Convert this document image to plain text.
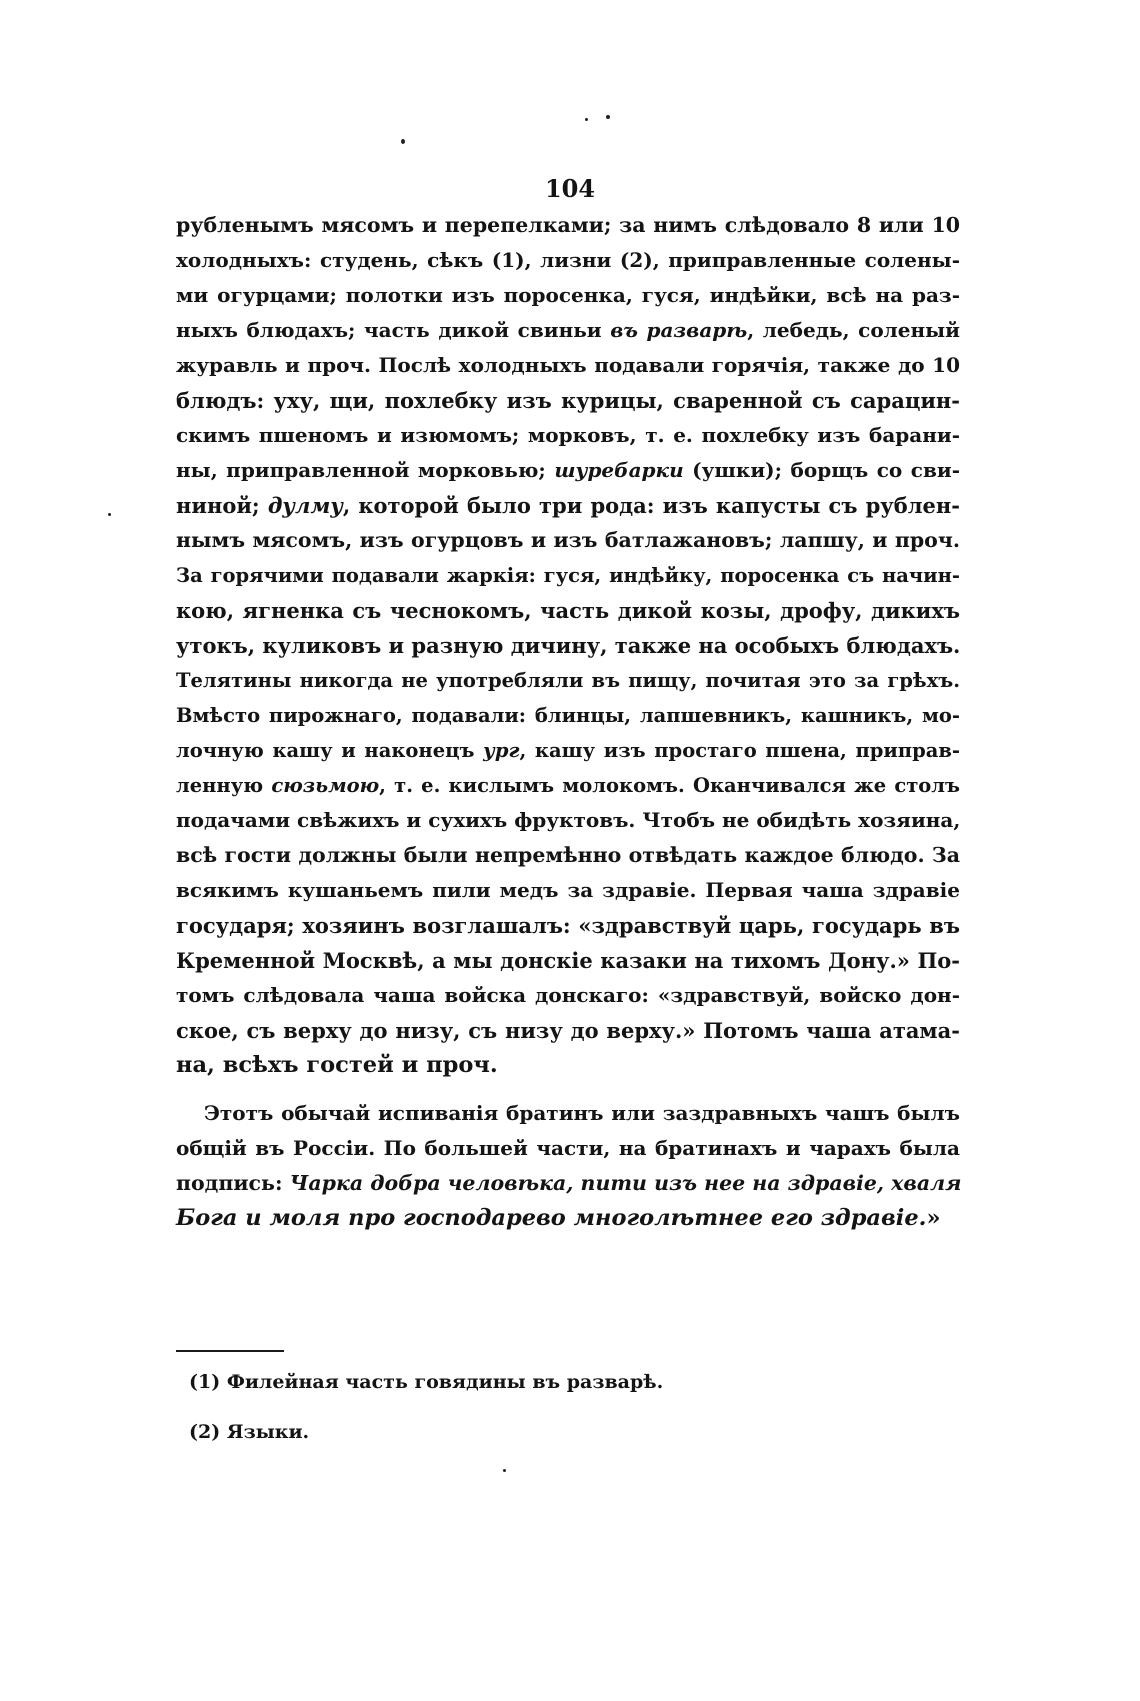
104
рубленымъ мясомъ и перепелками; за нимъ слѣдовало 8 или 10
холодныхъ: студень, сѣкъ (1), лизни (2), приправленные солены-
ми огурцами; полотки изъ поросенка, гуся, индѣйки, всѣ на раз-
ныхъ блюдахъ; часть дикой свиньи въ разварѣ, лебедь, соленый
журавль и проч. Послѣ холодныхъ подавали горячія, также до 10
блюдъ: уху, щи, похлебку изъ курицы, сваренной съ сарацин-
скимъ пшеномъ и изюмомъ; морковъ, т. е. похлебку изъ барани-
ны, приправленной морковью; шуребарки (ушки); борщъ со сви-
ниной; дулму, которой было три рода: изъ капусты съ рублен-
нымъ мясомъ, изъ огурцовъ и изъ батлажановъ; лапшу, и проч.
За горячими подавали жаркія: гуся, индѣйку, поросенка съ начин-
кою, ягненка съ чеснокомъ, часть дикой козы, дрофу, дикихъ
утокъ, куликовъ и разную дичину, также на особыхъ блюдахъ.
Телятины никогда не употребляли въ пищу, почитая это за грѣхъ.
Вмѣсто пирожнаго, подавали: блинцы, лапшевникъ, кашникъ, мо-
лочную кашу и наконецъ ург, кашу изъ простаго пшена, приправ-
ленную сюзьмою, т. е. кислымъ молокомъ. Оканчивался же столъ
подачами свѣжихъ и сухихъ фруктовъ. Чтобъ не обидѣть хозяина,
всѣ гости должны были непремѣнно отвѣдать каждое блюдо. За
всякимъ кушаньемъ пили медъ за здравіе. Первая чаша здравіе
государя; хозяинъ возглашалъ: «здравствуй царь, государь въ
Кременной Москвѣ, а мы донскіе казаки на тихомъ Дону.» По-
томъ слѣдовала чаша войска донскаго: «здравствуй, войско дон-
ское, съ верху до низу, съ низу до верху.» Потомъ чаша атама-
на, всѣхъ гостей и проч.
Этотъ обычай испиванія братинъ или заздравныхъ чашъ былъ
общій въ Россіи. По большей части, на братинахъ и чарахъ была
подпись: Чарка добра человѣка, пити изъ нее на здравіе, хваля
Бога и моля про господарево многолѣтнее его здравіе.»
(1) Филейная часть говядины въ разварѣ.
(2) Языки.
